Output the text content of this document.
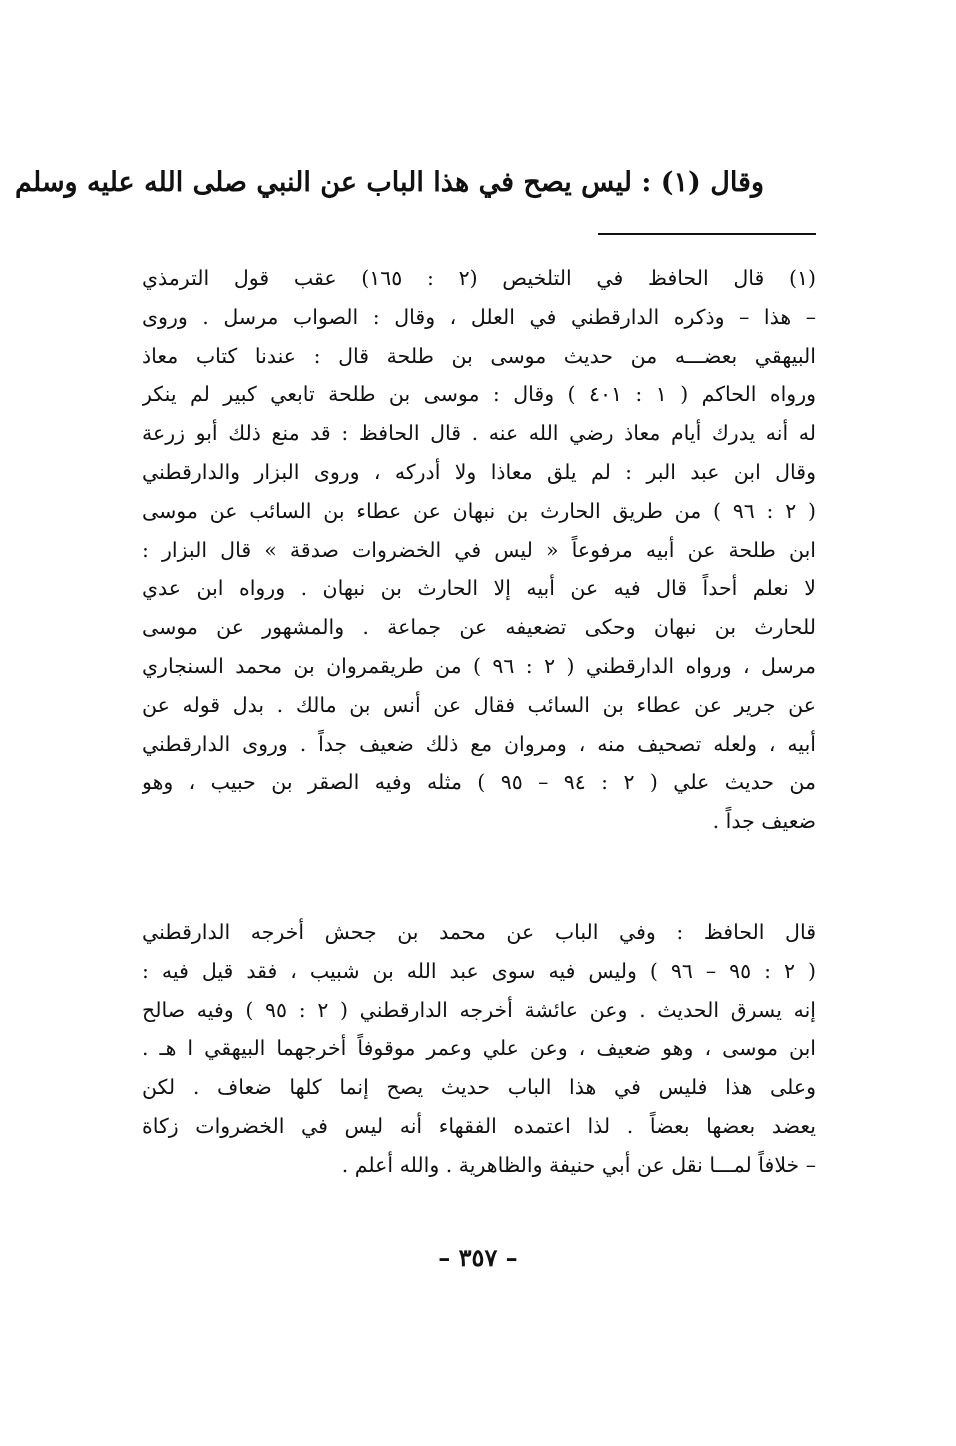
وقال (١) : ليس يصح في هذا الباب عن النبي صلى الله عليه وسلم
(١) قال الحافظ في التلخيص (٢ : ١٦٥) عقب قول الترمذي
– هذا – وذكره الدارقطني في العلل ، وقال : الصواب مرسل . وروى
البيهقي بعضـــه من حديث موسى بن طلحة قال : عندنا كتاب معاذ
ورواه الحاكم ( ١ : ٤٠١ ) وقال : موسى بن طلحة تابعي كبير لم ينكر
له أنه يدرك أيام معاذ رضي الله عنه . قال الحافظ : قد منع ذلك أبو زرعة
وقال ابن عبد البر : لم يلق معاذا ولا أدركه ، وروى البزار والدارقطني
( ٢ : ٩٦ ) من طريق الحارث بن نبهان عن عطاء بن السائب عن موسى
ابن طلحة عن أبيه مرفوعاً « ليس في الخضروات صدقة » قال البزار :
لا نعلم أحداً قال فيه عن أبيه إلا الحارث بن نبهان . ورواه ابن عدي
للحارث بن نبهان وحكى تضعيفه عن جماعة . والمشهور عن موسى
مرسل ، ورواه الدارقطني ( ٢ : ٩٦ ) من طريقمروان بن محمد السنجاري
عن جرير عن عطاء بن السائب فقال عن أنس بن مالك . بدل قوله عن
أبيه ، ولعله تصحيف منه ، ومروان مع ذلك ضعيف جداً . وروى الدارقطني
من حديث علي ( ٢ : ٩٤ – ٩٥ ) مثله وفيه الصقر بن حبيب ، وهو
ضعيف جداً .
قال الحافظ : وفي الباب عن محمد بن جحش أخرجه الدارقطني
( ٢ : ٩٥ – ٩٦ ) وليس فيه سوى عبد الله بن شبيب ، فقد قيل فيه :
إنه يسرق الحديث . وعن عائشة أخرجه الدارقطني ( ٢ : ٩٥ ) وفيه صالح
ابن موسى ، وهو ضعيف ، وعن علي وعمر موقوفاً أخرجهما البيهقي ا هـ .
وعلى هذا فليس في هذا الباب حديث يصح إنما كلها ضعاف . لكن
يعضد بعضها بعضاً . لذا اعتمده الفقهاء أنه ليس في الخضروات زكاة
– خلافاً لمـــا نقل عن أبي حنيفة والظاهرية . والله أعلم .
– ٣٥٧ –
